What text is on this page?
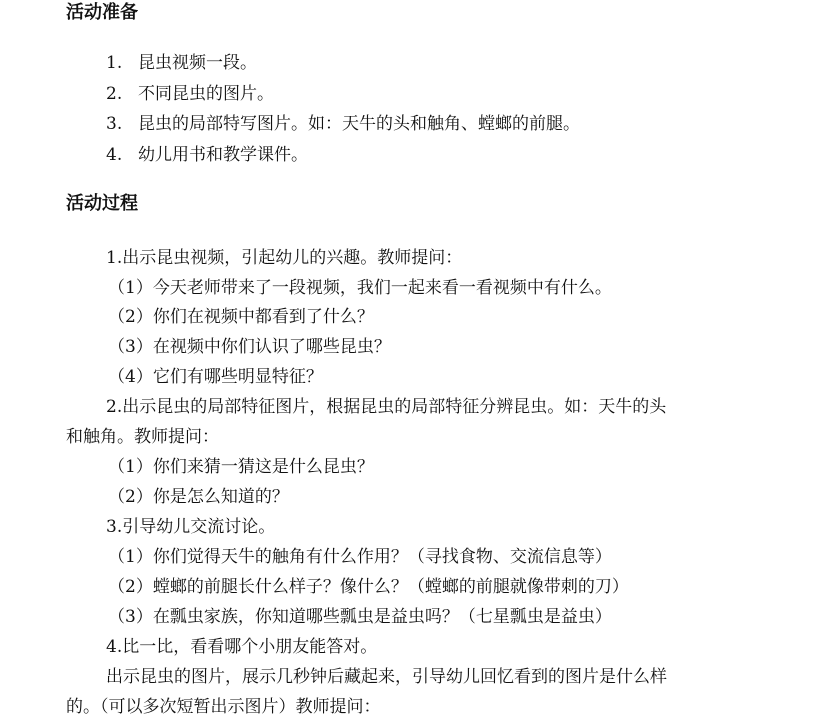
活动准备
1. 昆虫视频一段。
2. 不同昆虫的图片。
3. 昆虫的局部特写图片。如：天牛的头和触角、螳螂的前腿。
4. 幼儿用书和教学课件。
活动过程
1.出示昆虫视频，引起幼儿的兴趣。教师提问：
（1）今天老师带来了一段视频，我们一起来看一看视频中有什么。
（2）你们在视频中都看到了什么？
（3）在视频中你们认识了哪些昆虫？
（4）它们有哪些明显特征？
2.出示昆虫的局部特征图片，根据昆虫的局部特征分辨昆虫。如：天牛的头
和触角。教师提问：
（1）你们来猜一猜这是什么昆虫？
（2）你是怎么知道的？
3.引导幼儿交流讨论。
（1）你们觉得天牛的触角有什么作用？（寻找食物、交流信息等）
（2）螳螂的前腿长什么样子？像什么？（螳螂的前腿就像带刺的刀）
（3）在瓢虫家族，你知道哪些瓢虫是益虫吗？（七星瓢虫是益虫）
4.比一比，看看哪个小朋友能答对。
出示昆虫的图片，展示几秒钟后藏起来，引导幼儿回忆看到的图片是什么样
的。（可以多次短暂出示图片）教师提问：
